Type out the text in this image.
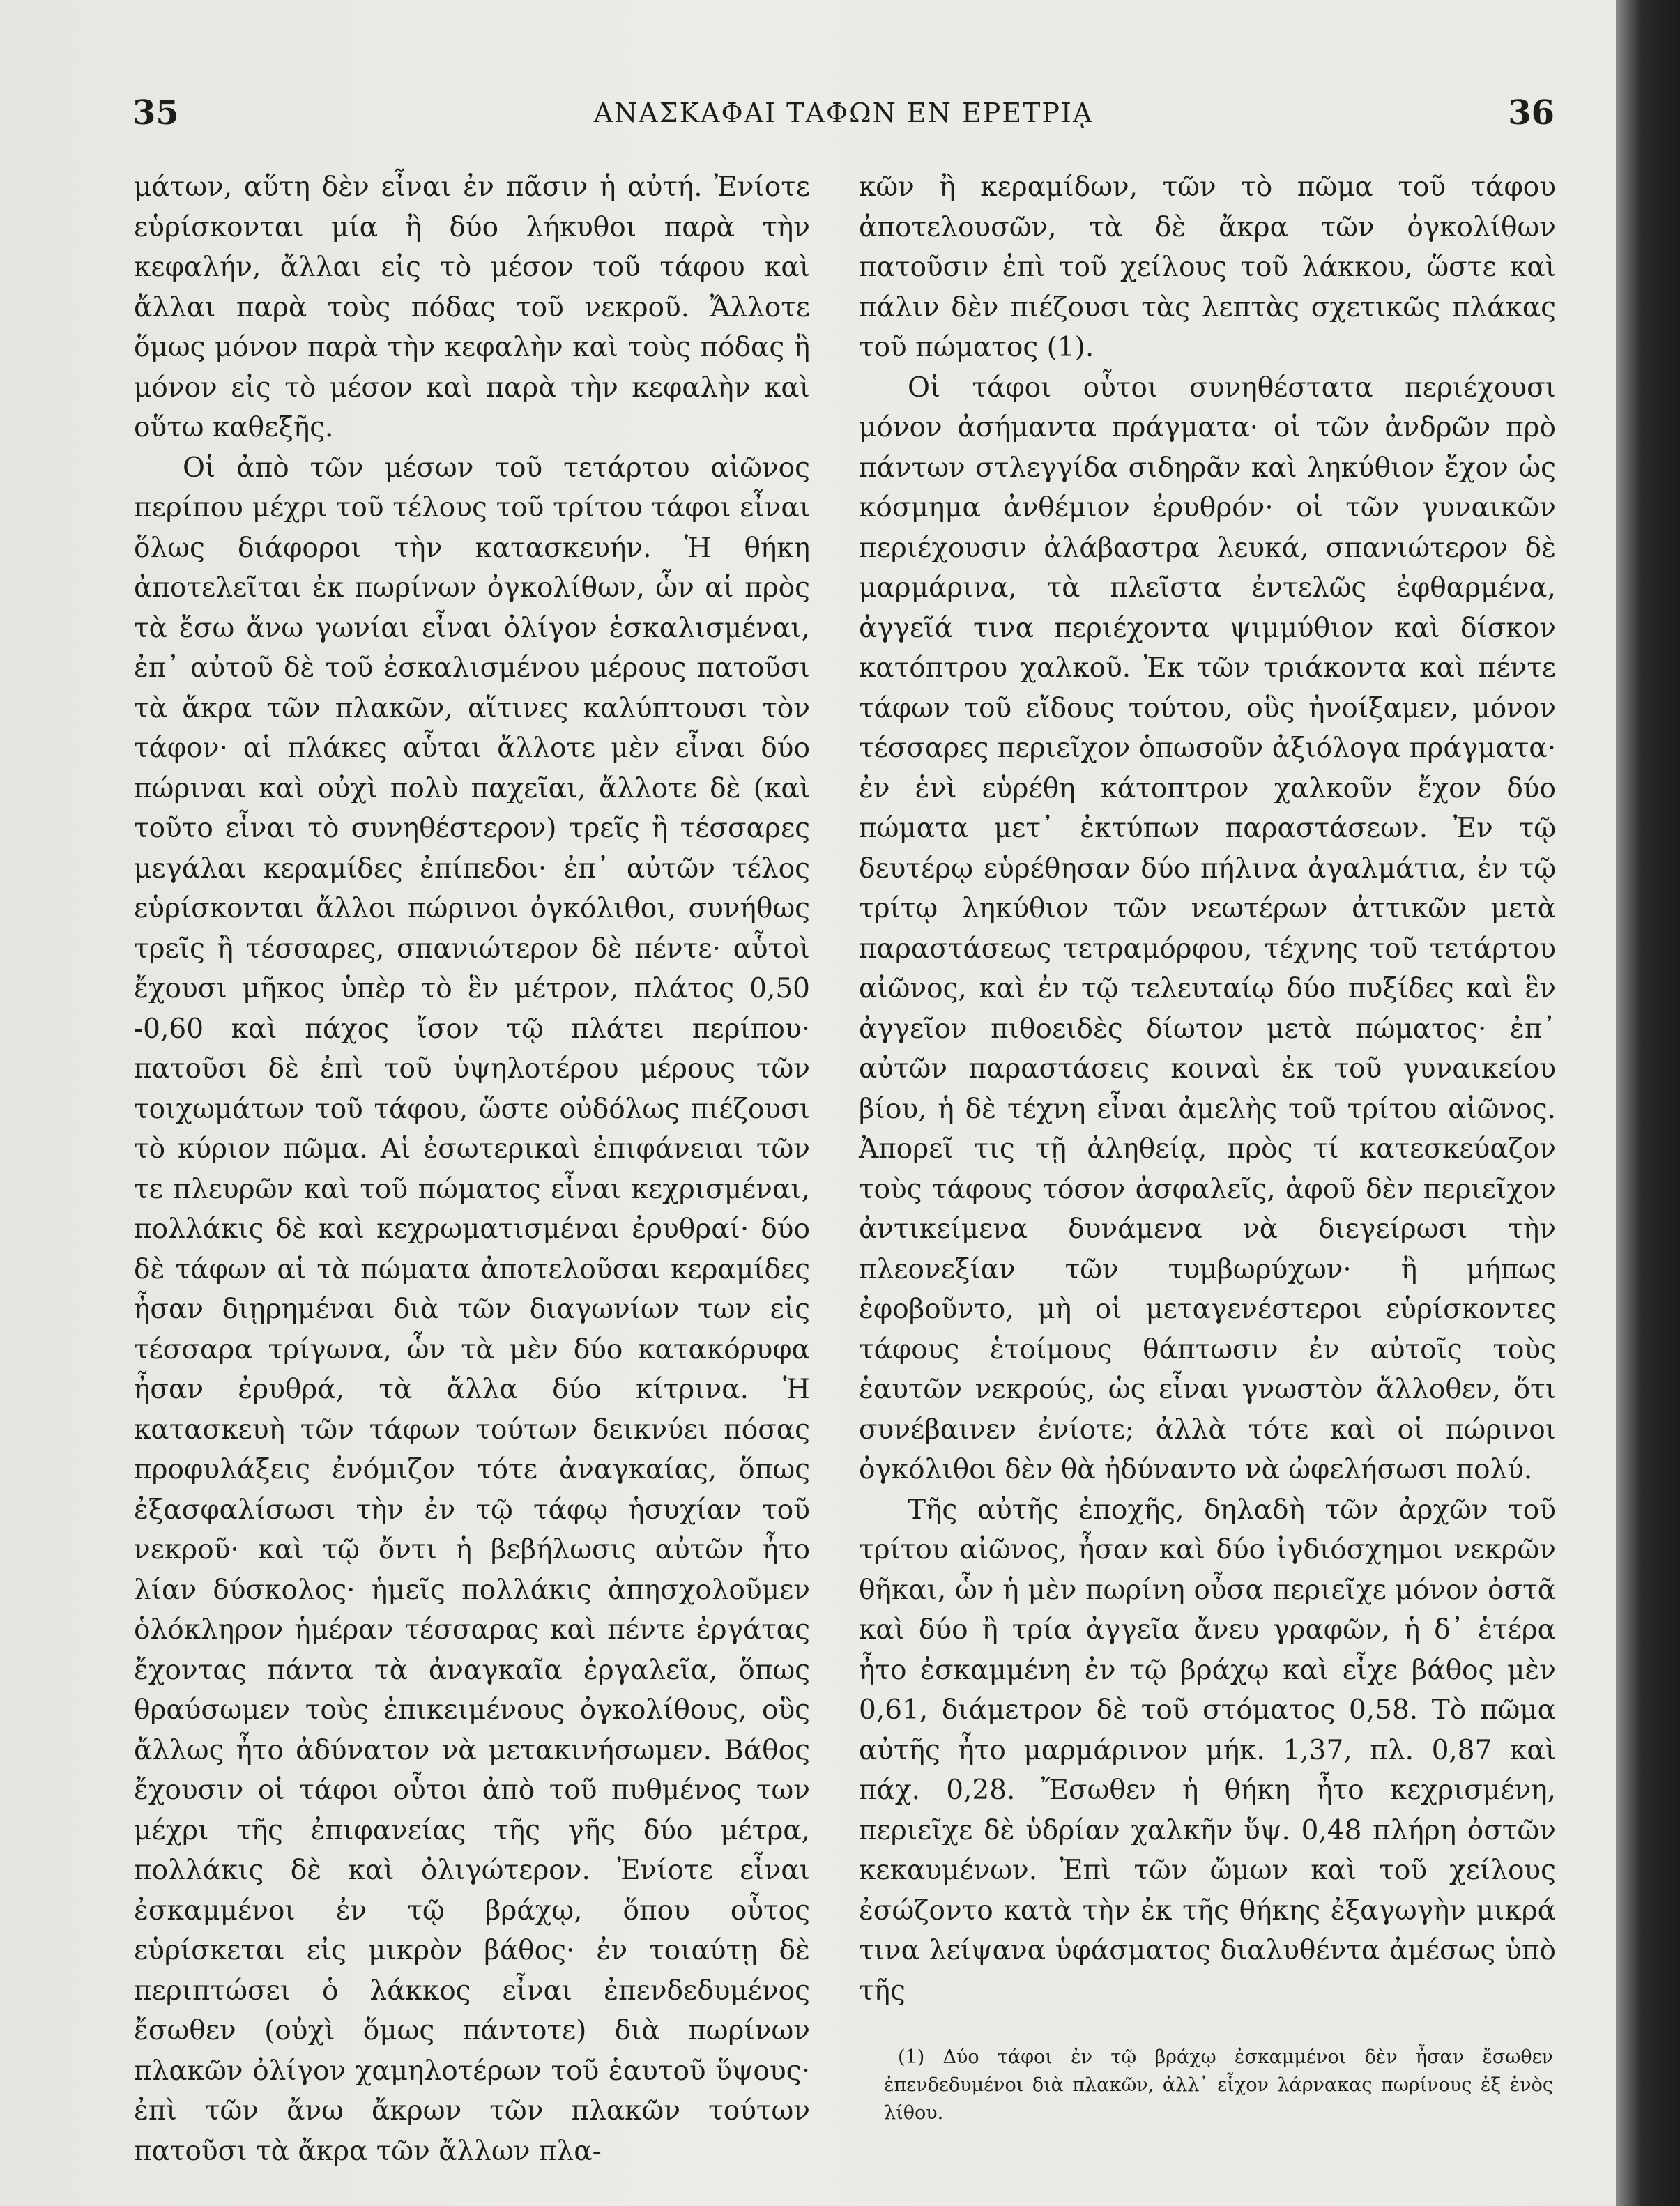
35	ΑΝΑΣΚΑΦΑΙ ΤΑΦΩΝ ΕΝ ΕΡΕΤΡΙᾼ	36

μάτων, αὕτη δὲν εἶναι ἐν πᾶσιν ἡ αὐτή. Ἐνίοτε εὑρίσκονται μία ἢ δύο λήκυθοι παρὰ τὴν κεφαλήν, ἄλλαι εἰς τὸ μέσον τοῦ τάφου καὶ ἄλλαι παρὰ τοὺς πόδας τοῦ νεκροῦ. Ἄλλοτε ὅμως μόνον παρὰ τὴν κεφαλὴν καὶ τοὺς πόδας ἢ μόνον εἰς τὸ μέσον καὶ παρὰ τὴν κεφαλὴν καὶ οὕτω καθεξῆς.

Οἱ ἀπὸ τῶν μέσων τοῦ τετάρτου αἰῶνος περίπου μέχρι τοῦ τέλους τοῦ τρίτου τάφοι εἶναι ὅλως διάφοροι τὴν κατασκευήν. Ἡ θήκη ἀποτελεῖται ἐκ πωρίνων ὀγκολίθων, ὧν αἱ πρὸς τὰ ἔσω ἄνω γωνίαι εἶναι ὀλίγον ἐσκαλισμέναι, ἐπ᾽ αὐτοῦ δὲ τοῦ ἐσκαλισμένου μέρους πατοῦσι τὰ ἄκρα τῶν πλακῶν, αἵτινες καλύπτουσι τὸν τάφον· αἱ πλάκες αὗται ἄλλοτε μὲν εἶναι δύο πώριναι καὶ οὐχὶ πολὺ παχεῖαι, ἄλλοτε δὲ (καὶ τοῦτο εἶναι τὸ συνηθέστερον) τρεῖς ἢ τέσσαρες μεγάλαι κεραμίδες ἐπίπεδοι· ἐπ᾽ αὐτῶν τέλος εὑρίσκονται ἄλλοι πώρινοι ὀγκόλιθοι, συνήθως τρεῖς ἢ τέσσαρες, σπανιώτερον δὲ πέντε· αὗτοὶ ἔχουσι μῆκος ὑπὲρ τὸ ἓν μέτρον, πλάτος 0,50 -0,60 καὶ πάχος ἴσον τῷ πλάτει περίπου· πατοῦσι δὲ ἐπὶ τοῦ ὑψηλοτέρου μέρους τῶν τοιχωμάτων τοῦ τάφου, ὥστε οὐδόλως πιέζουσι τὸ κύριον πῶμα. Αἱ ἐσωτερικαὶ ἐπιφάνειαι τῶν τε πλευρῶν καὶ τοῦ πώματος εἶναι κεχρισμέναι, πολλάκις δὲ καὶ κεχρωματισμέναι ἐρυθραί· δύο δὲ τάφων αἱ τὰ πώματα ἀποτελοῦσαι κεραμίδες ἦσαν διῃρημέναι διὰ τῶν διαγωνίων των εἰς τέσσαρα τρίγωνα, ὧν τὰ μὲν δύο κατακόρυφα ἦσαν ἐρυθρά, τὰ ἄλλα δύο κίτρινα. Ἡ κατασκευὴ τῶν τάφων τούτων δεικνύει πόσας προφυλάξεις ἐνόμιζον τότε ἀναγκαίας, ὅπως ἐξασφαλίσωσι τὴν ἐν τῷ τάφῳ ἡσυχίαν τοῦ νεκροῦ· καὶ τῷ ὄντι ἡ βεβήλωσις αὐτῶν ἦτο λίαν δύσκολος· ἡμεῖς πολλάκις ἀπησχολοῦμεν ὁλόκληρον ἡμέραν τέσσαρας καὶ πέντε ἐργάτας ἔχοντας πάντα τὰ ἀναγκαῖα ἐργαλεῖα, ὅπως θραύσωμεν τοὺς ἐπικειμένους ὀγκολίθους, οὓς ἄλλως ἦτο ἀδύνατον νὰ μετακινήσωμεν. Βάθος ἔχουσιν οἱ τάφοι οὗτοι ἀπὸ τοῦ πυθμένος των μέχρι τῆς ἐπιφανείας τῆς γῆς δύο μέτρα, πολλάκις δὲ καὶ ὀλιγώτερον. Ἐνίοτε εἶναι ἐσκαμμένοι ἐν τῷ βράχῳ, ὅπου οὗτος εὑρίσκεται εἰς μικρὸν βάθος· ἐν τοιαύτῃ δὲ περιπτώσει ὁ λάκκος εἶναι ἐπενδεδυμένος ἔσωθεν (οὐχὶ ὅμως πάντοτε) διὰ πωρίνων πλακῶν ὀλίγον χαμηλοτέρων τοῦ ἑαυτοῦ ὕψους· ἐπὶ τῶν ἄνω ἄκρων τῶν πλακῶν τούτων πατοῦσι τὰ ἄκρα τῶν ἄλλων πλα-

κῶν ἢ κεραμίδων, τῶν τὸ πῶμα τοῦ τάφου ἀποτελουσῶν, τὰ δὲ ἄκρα τῶν ὀγκολίθων πατοῦσιν ἐπὶ τοῦ χείλους τοῦ λάκκου, ὥστε καὶ πάλιν δὲν πιέζουσι τὰς λεπτὰς σχετικῶς πλάκας τοῦ πώματος (1).

Οἱ τάφοι οὗτοι συνηθέστατα περιέχουσι μόνον ἀσήμαντα πράγματα· οἱ τῶν ἀνδρῶν πρὸ πάντων στλεγγίδα σιδηρᾶν καὶ ληκύθιον ἔχον ὡς κόσμημα ἀνθέμιον ἐρυθρόν· οἱ τῶν γυναικῶν περιέχουσιν ἀλάβαστρα λευκά, σπανιώτερον δὲ μαρμάρινα, τὰ πλεῖστα ἐντελῶς ἐφθαρμένα, ἀγγεῖά τινα περιέχοντα ψιμμύθιον καὶ δίσκον κατόπτρου χαλκοῦ. Ἐκ τῶν τριάκοντα καὶ πέντε τάφων τοῦ εἴδους τούτου, οὓς ἠνοίξαμεν, μόνον τέσσαρες περιεῖχον ὁπωσοῦν ἀξιόλογα πράγματα· ἐν ἑνὶ εὑρέθη κάτοπτρον χαλκοῦν ἔχον δύο πώματα μετ᾽ ἐκτύπων παραστάσεων. Ἐν τῷ δευτέρῳ εὑρέθησαν δύο πήλινα ἀγαλμάτια, ἐν τῷ τρίτῳ ληκύθιον τῶν νεωτέρων ἀττικῶν μετὰ παραστάσεως τετραμόρφου, τέχνης τοῦ τετάρτου αἰῶνος, καὶ ἐν τῷ τελευταίῳ δύο πυξίδες καὶ ἓν ἀγγεῖον πιθοειδὲς δίωτον μετὰ πώματος· ἐπ᾽ αὐτῶν παραστάσεις κοιναὶ ἐκ τοῦ γυναικείου βίου, ἡ δὲ τέχνη εἶναι ἀμελὴς τοῦ τρίτου αἰῶνος. Ἀπορεῖ τις τῇ ἀληθείᾳ, πρὸς τί κατεσκεύαζον τοὺς τάφους τόσον ἀσφαλεῖς, ἀφοῦ δὲν περιεῖχον ἀντικείμενα δυνάμενα νὰ διεγείρωσι τὴν πλεονεξίαν τῶν τυμβωρύχων· ἢ μήπως ἐφοβοῦντο, μὴ οἱ μεταγενέστεροι εὑρίσκοντες τάφους ἑτοίμους θάπτωσιν ἐν αὐτοῖς τοὺς ἑαυτῶν νεκρούς, ὡς εἶναι γνωστὸν ἄλλοθεν, ὅτι συνέβαινεν ἐνίοτε; ἀλλὰ τότε καὶ οἱ πώρινοι ὀγκόλιθοι δὲν θὰ ἠδύναντο νὰ ὠφελήσωσι πολύ.

Τῆς αὐτῆς ἐποχῆς, δηλαδὴ τῶν ἀρχῶν τοῦ τρίτου αἰῶνος, ἦσαν καὶ δύο ἰγδιόσχημοι νεκρῶν θῆκαι, ὧν ἡ μὲν πωρίνη οὖσα περιεῖχε μόνον ὀστᾶ καὶ δύο ἢ τρία ἀγγεῖα ἄνευ γραφῶν, ἡ δ᾽ ἑτέρα ἦτο ἐσκαμμένη ἐν τῷ βράχῳ καὶ εἶχε βάθος μὲν 0,61, διάμετρον δὲ τοῦ στόματος 0,58. Τὸ πῶμα αὐτῆς ἦτο μαρμάρινον μήκ. 1,37, πλ. 0,87 καὶ πάχ. 0,28. Ἔσωθεν ἡ θήκη ἦτο κεχρισμένη, περιεῖχε δὲ ὑδρίαν χαλκῆν ὕψ. 0,48 πλήρη ὀστῶν κεκαυμένων. Ἐπὶ τῶν ὤμων καὶ τοῦ χείλους ἐσώζοντο κατὰ τὴν ἐκ τῆς θήκης ἐξαγωγὴν μικρά τινα λείψανα ὑφάσματος διαλυθέντα ἀμέσως ὑπὸ τῆς

(1) Δύο τάφοι ἐν τῷ βράχῳ ἐσκαμμένοι δὲν ἦσαν ἔσωθεν ἐπενδεδυμένοι διὰ πλακῶν, ἀλλ᾽ εἶχον λάρνακας πωρίνους ἐξ ἑνὸς λίθου.
